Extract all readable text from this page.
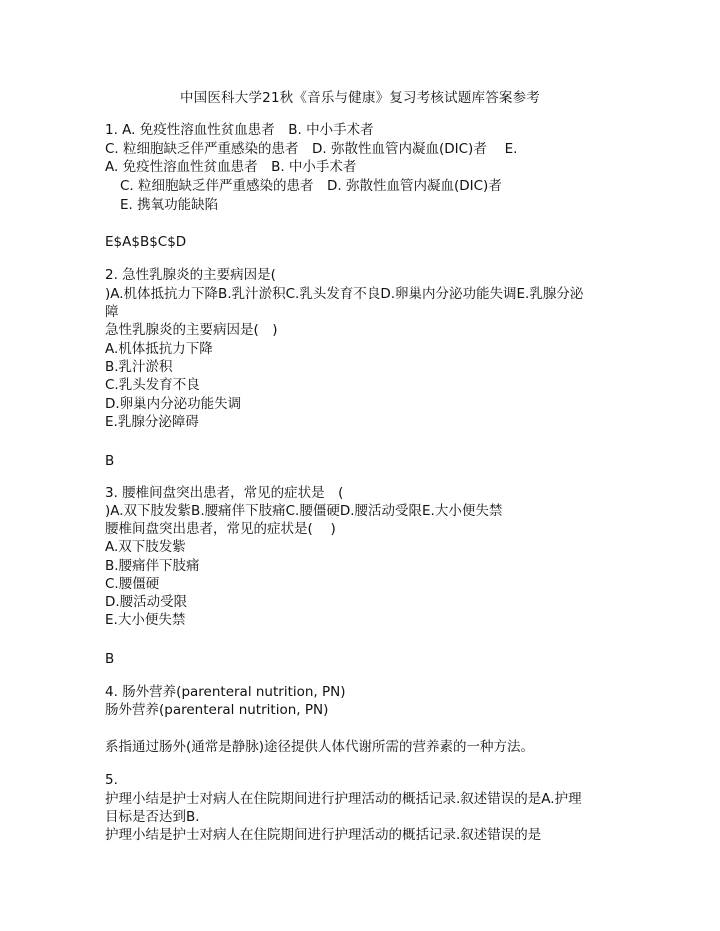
中国医科大学21秋《音乐与健康》复习考核试题库答案参考
1. A. 免疫性溶血性贫血患者　B. 中小手术者
C. 粒细胞缺乏伴严重感染的患者　D. 弥散性血管内凝血(DIC)者　 E.
A. 免疫性溶血性贫血患者　B. 中小手术者
C. 粒细胞缺乏伴严重感染的患者　D. 弥散性血管内凝血(DIC)者
E. 携氧功能缺陷
E$A$B$C$D
2. 急性乳腺炎的主要病因是(
)A.机体抵抗力下降B.乳汁淤积C.乳头发育不良D.卵巢内分泌功能失调E.乳腺分泌
障
急性乳腺炎的主要病因是(　)
A.机体抵抗力下降
B.乳汁淤积
C.乳头发育不良
D.卵巢内分泌功能失调
E.乳腺分泌障碍
B
3. 腰椎间盘突出患者，常见的症状是　(
)A.双下肢发紫B.腰痛伴下肢痛C.腰僵硬D.腰活动受限E.大小便失禁
腰椎间盘突出患者，常见的症状是(　 )
A.双下肢发紫
B.腰痛伴下肢痛
C.腰僵硬
D.腰活动受限
E.大小便失禁
B
4. 肠外营养(parenteral nutrition, PN)
肠外营养(parenteral nutrition, PN)
系指通过肠外(通常是静脉)途径提供人体代谢所需的营养素的一种方法。
5.
护理小结是护士对病人在住院期间进行护理活动的概括记录.叙述错误的是A.护理
目标是否达到B.
护理小结是护士对病人在住院期间进行护理活动的概括记录.叙述错误的是
